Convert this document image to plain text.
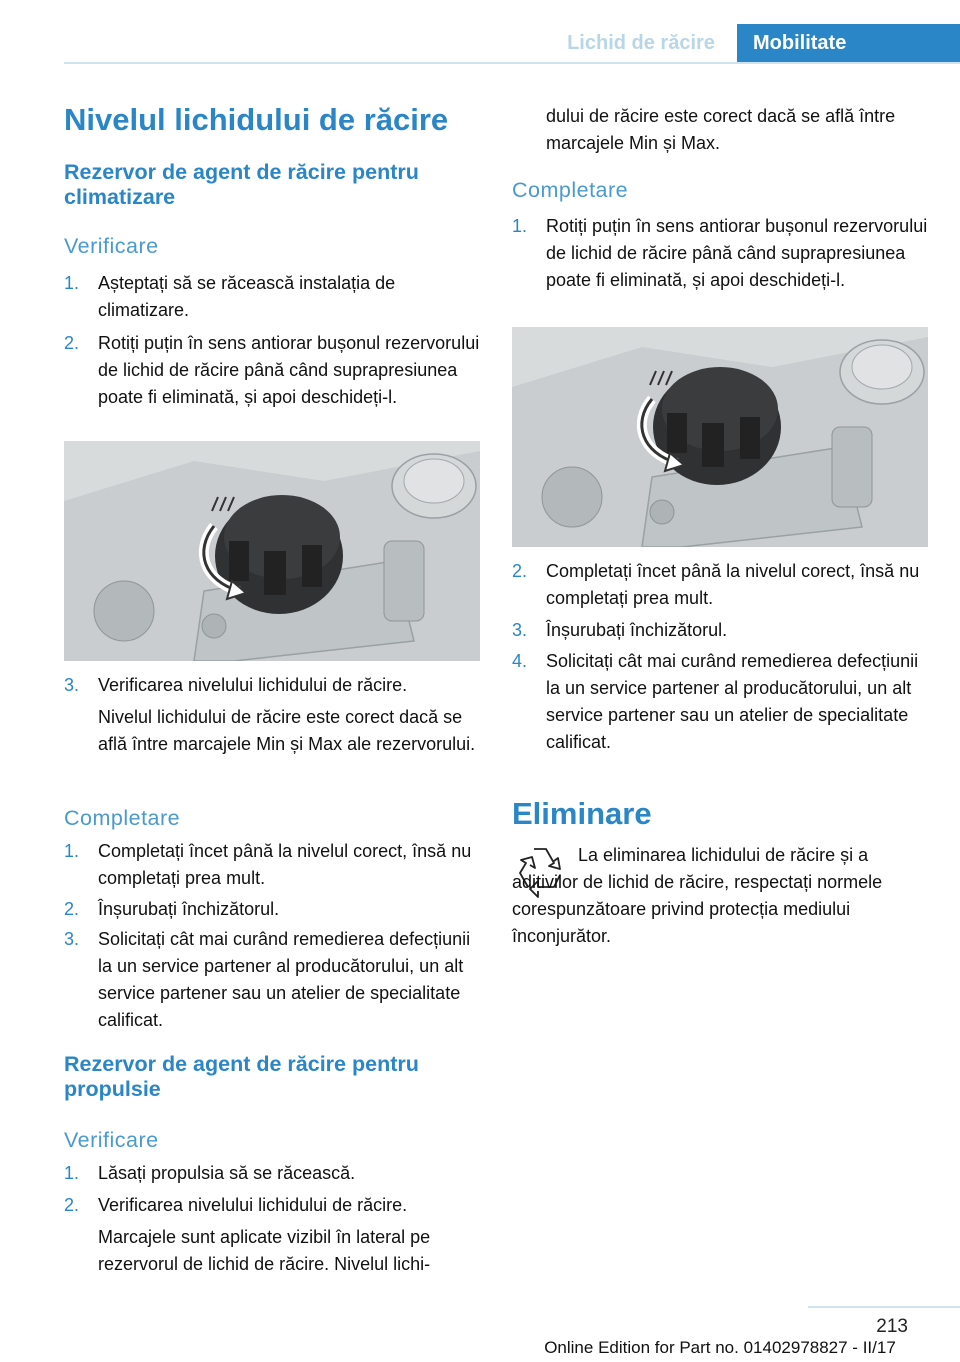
Lichid de răcire	Mobilitate
Nivelul lichidului de răcire
Rezervor de agent de răcire pentru climatizare
Verificare
1. Așteptați să se răcească instalația de climatizare.
2. Rotiți puțin în sens antiorar bușonul rezervorului de lichid de răcire până când suprapresiunea poate fi eliminată, și apoi deschideți-l.
3. Verificarea nivelului lichidului de răcire.
Nivelul lichidului de răcire este corect dacă se află între marcajele Min și Max ale rezervorului.
Completare
1. Completați încet până la nivelul corect, însă nu completați prea mult.
2. Înșurubați închizătorul.
3. Solicitați cât mai curând remedierea defecțiunii la un service partener al producătorului, un alt service partener sau un atelier de specialitate calificat.
Rezervor de agent de răcire pentru propulsie
Verificare
1. Lăsați propulsia să se răcească.
2. Verificarea nivelului lichidului de răcire.
Marcajele sunt aplicate vizibil în lateral pe rezervorul de lichid de răcire. Nivelul lichi-
dului de răcire este corect dacă se află între marcajele Min și Max.
Completare
1. Rotiți puțin în sens antiorar bușonul rezervorului de lichid de răcire până când suprapresiunea poate fi eliminată, și apoi deschideți-l.
2. Completați încet până la nivelul corect, însă nu completați prea mult.
3. Înșurubați închizătorul.
4. Solicitați cât mai curând remedierea defecțiunii la un service partener al producătorului, un alt service partener sau un atelier de specialitate calificat.
Eliminare
La eliminarea lichidului de răcire și a aditivilor de lichid de răcire, respectați normele corespunzătoare privind protecția mediului înconjurător.
213
Online Edition for Part no. 01402978827 - II/17
